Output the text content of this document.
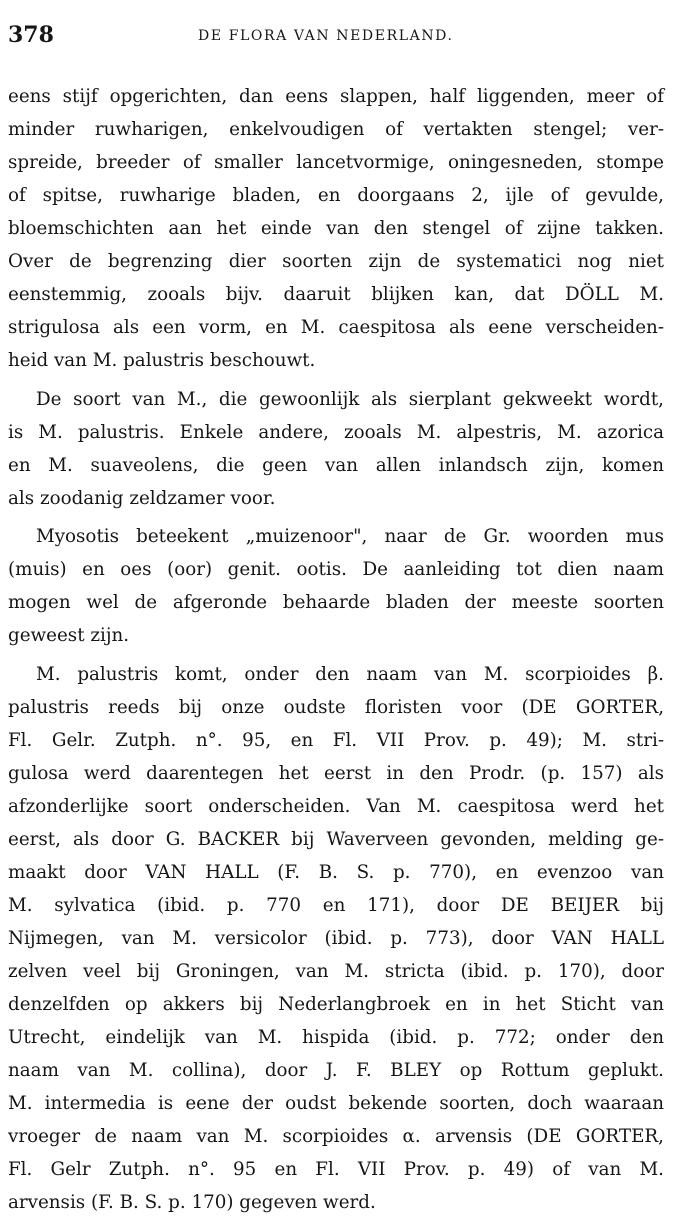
378	DE FLORA VAN NEDERLAND.
eens stijf opgerichten, dan eens slappen, half liggenden, meer of
minder ruwharigen, enkelvoudigen of vertakten stengel; ver-
spreide, breeder of smaller lancetvormige, oningesneden, stompe
of spitse, ruwharige bladen, en doorgaans 2, ijle of gevulde,
bloemschichten aan het einde van den stengel of zijne takken.
Over de begrenzing dier soorten zijn de systematici nog niet
eenstemmig, zooals bijv. daaruit blijken kan, dat DÖLL M.
strigulosa als een vorm, en M. caespitosa als eene verscheiden-
heid van M. palustris beschouwt.
De soort van M., die gewoonlijk als sierplant gekweekt wordt,
is M. palustris. Enkele andere, zooals M. alpestris, M. azorica
en M. suaveolens, die geen van allen inlandsch zijn, komen
als zoodanig zeldzamer voor.
Myosotis beteekent „muizenoor", naar de Gr. woorden mus
(muis) en oes (oor) genit. ootis. De aanleiding tot dien naam
mogen wel de afgeronde behaarde bladen der meeste soorten
geweest zijn.
M. palustris komt, onder den naam van M. scorpioides β.
palustris reeds bij onze oudste floristen voor (DE GORTER,
Fl. Gelr. Zutph. n°. 95, en Fl. VII Prov. p. 49); M. stri-
gulosa werd daarentegen het eerst in den Prodr. (p. 157) als
afzonderlijke soort onderscheiden. Van M. caespitosa werd het
eerst, als door G. BACKER bij Waverveen gevonden, melding ge-
maakt door VAN HALL (F. B. S. p. 770), en evenzoo van
M. sylvatica (ibid. p. 770 en 171), door DE BEIJER bij
Nijmegen, van M. versicolor (ibid. p. 773), door VAN HALL
zelven veel bij Groningen, van M. stricta (ibid. p. 170), door
denzelfden op akkers bij Nederlangbroek en in het Sticht van
Utrecht, eindelijk van M. hispida (ibid. p. 772; onder den
naam van M. collina), door J. F. BLEY op Rottum geplukt.
M. intermedia is eene der oudst bekende soorten, doch waaraan
vroeger de naam van M. scorpioides α. arvensis (DE GORTER,
Fl. Gelr Zutph. n°. 95 en Fl. VII Prov. p. 49) of van M.
arvensis (F. B. S. p. 170) gegeven werd.
